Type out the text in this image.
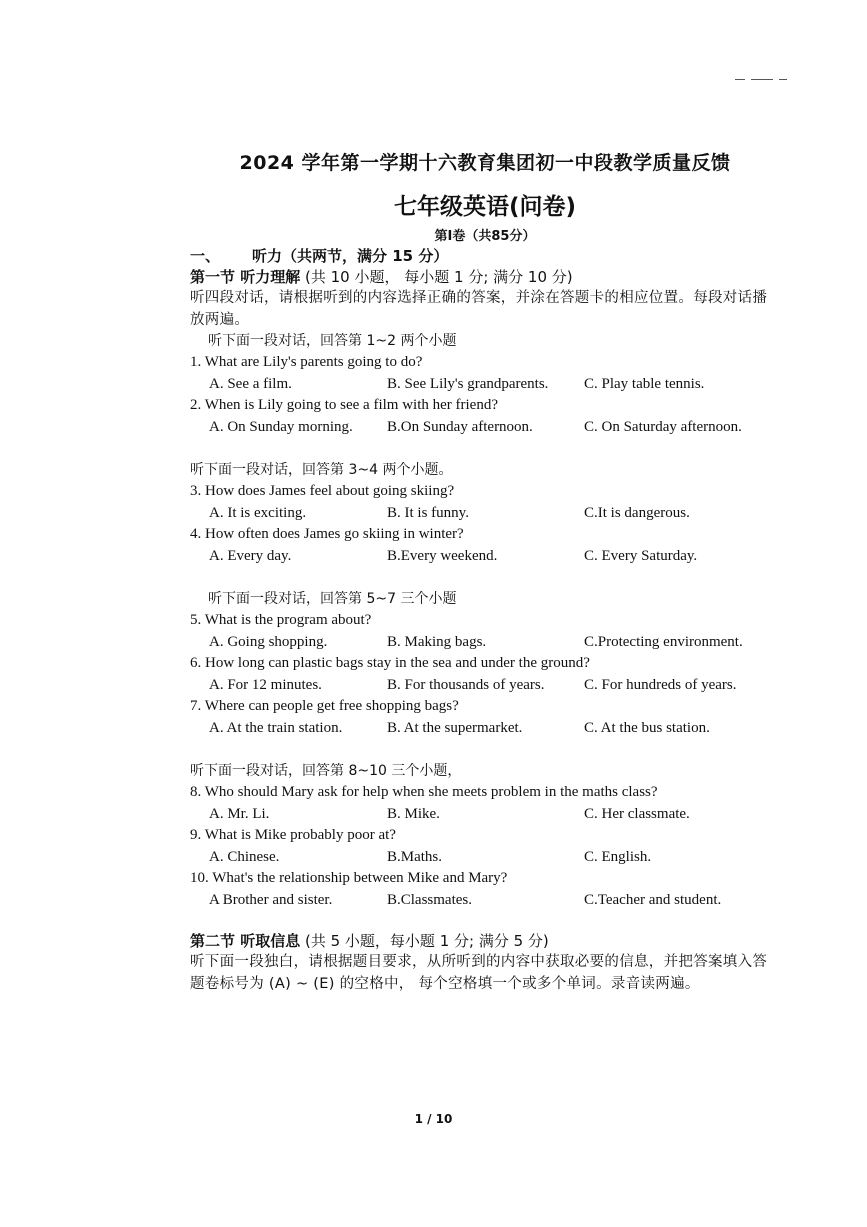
2024 学年第一学期十六教育集团初一中段教学质量反馈
七年级英语(问卷)
第Ⅰ卷（共85分）
一、 听力（共两节，满分 15 分）
第一节 听力理解 (共 10 小题， 每小题 1 分; 满分 10 分)
听四段对话，请根据听到的内容选择正确的答案，并涂在答题卡的相应位置。每段对话播放两遍。
听下面一段对话，回答第 1~2 两个小题
1. What are Lily's parents going to do?
A. See a film.	B. See Lily's grandparents.	C. Play table tennis.
2. When is Lily going to see a film with her friend?
A. On Sunday morning.	B.On Sunday afternoon.	C. On Saturday afternoon.
听下面一段对话，回答第 3~4 两个小题。
3. How does James feel about going skiing?
A. It is exciting.	B. It is funny.	C.It is dangerous.
4. How often does James go skiing in winter?
A. Every day.	B.Every weekend.	C. Every Saturday.
听下面一段对话，回答第 5~7 三个小题
5. What is the program about?
A. Going shopping.	B. Making bags.	C.Protecting environment.
6. How long can plastic bags stay in the sea and under the ground?
A. For 12 minutes.	B. For thousands of years.	C. For hundreds of years.
7. Where can people get free shopping bags?
A. At the train station.	B. At the supermarket.	C. At the bus station.
听下面一段对话，回答第 8~10 三个小题，
8. Who should Mary ask for help when she meets problem in the maths class?
A. Mr. Li.	B. Mike.	C. Her classmate.
9. What is Mike probably poor at?
A. Chinese.	B.Maths.	C. English.
10. What's the relationship between Mike and Mary?
A Brother and sister.	B.Classmates.	C.Teacher and student.
第二节 听取信息 (共 5 小题，每小题 1 分; 满分 5 分)
听下面一段独白，请根据题目要求，从所听到的内容中获取必要的信息，并把答案填入答 题卷标号为 (A) ~ (E) 的空格中， 每个空格填一个或多个单词。录音读两遍。
1 / 10
